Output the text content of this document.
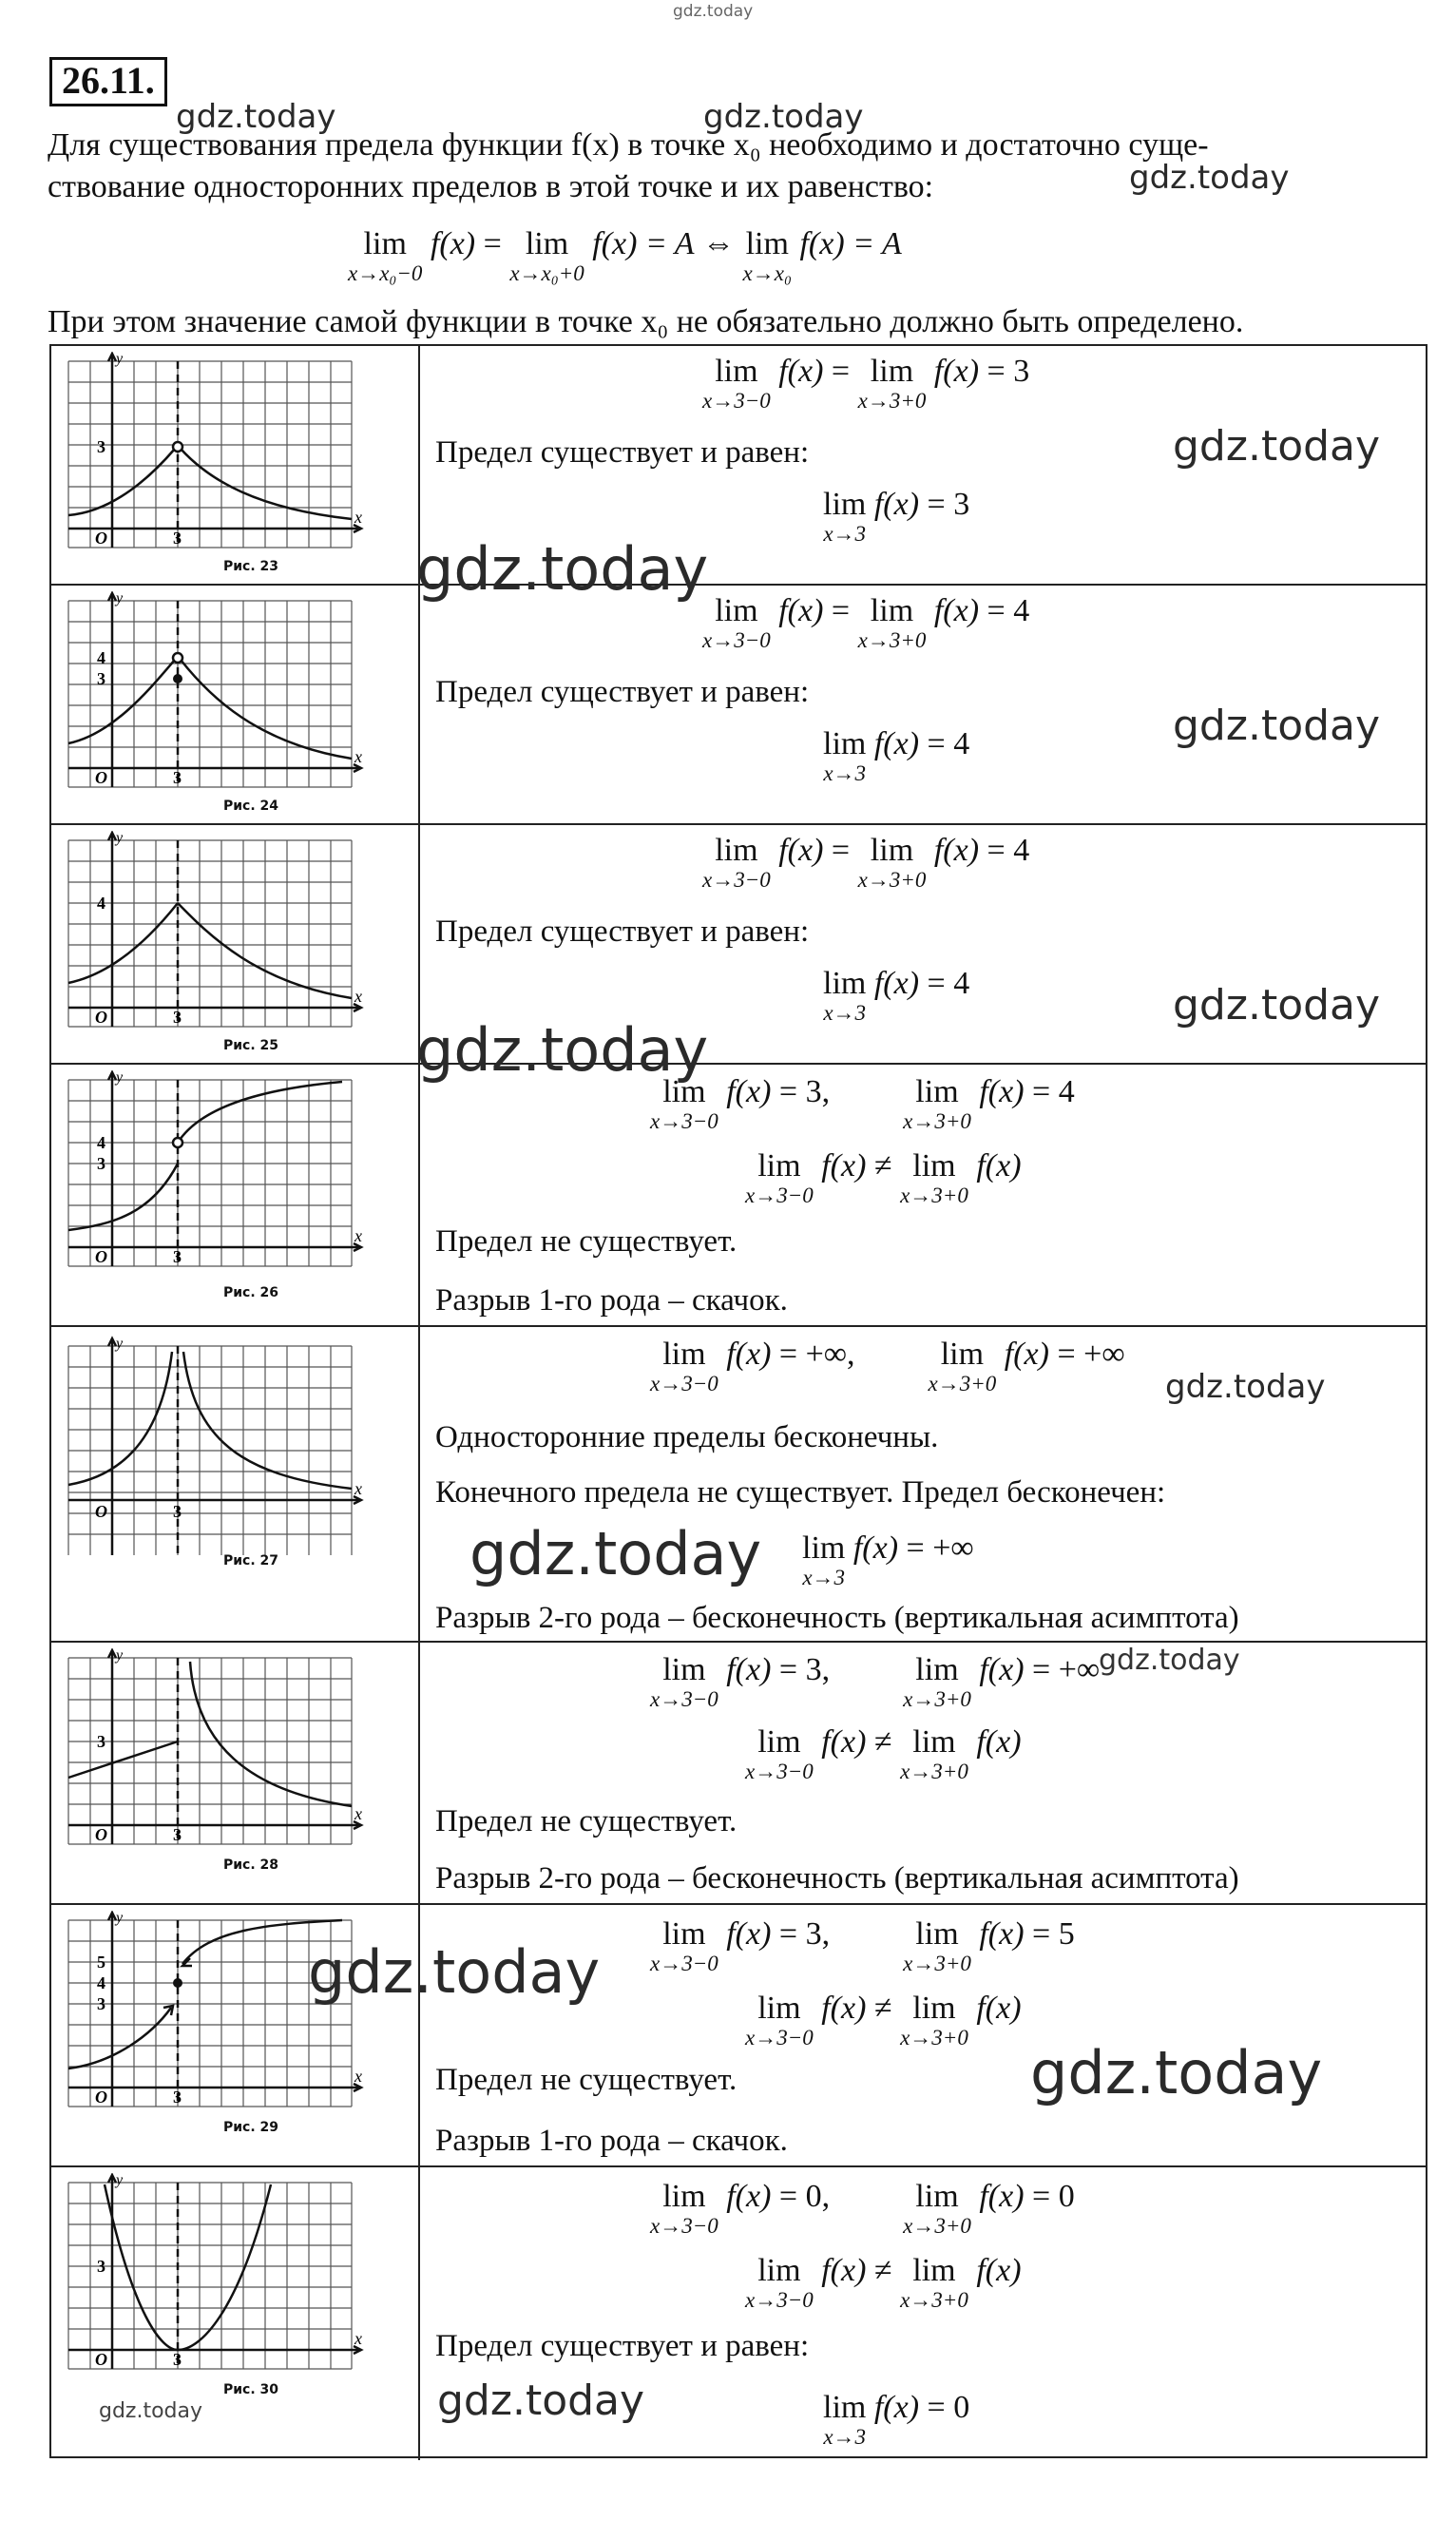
gdz.today
gdz.today	gdz.today
gdz.today
26.11.
Для существования предела функции f(x) в точке x₀ необходимо и достаточно суще-
ствование односторонних пределов в этой точке и их равенство:
lim
x→x₀−0
f(x) = lim
x→x₀+0
f(x) = A ⇔ lim
x→x₀
f(x) = A
При этом значение самой функции в точке x₀ не обязательно должно быть определено.
y
x
O	3
3
Рис. 23
lim
x→3−0
f(x) = lim
x→3+0
f(x) = 3
Предел существует и равен:
lim
x→3
f(x) = 3
gdz.today
y
x
O	3
4
3
Рис. 24
lim
x→3−0
f(x) = lim
x→3+0
f(x) = 4
Предел существует и равен:
lim
x→3
f(x) = 4	gdz.today
y
x
O	3
4
Рис. 25
lim
x→3−0
f(x) = lim
x→3+0
f(x) = 4
Предел существует и равен:
lim
x→3
f(x) = 4	gdz.today
y
x
O	3
4
3
Рис. 26
lim
x→3−0
f(x) = 3,	lim
x→3+0
f(x) = 4
lim
x→3−0
f(x) ≠ lim
x→3+0
f(x)
Предел не существует.
Разрыв 1-го рода – скачок.
y
x
O	3
Рис. 27
lim
x→3−0
f(x) = +∞,	lim
x→3+0
f(x) = +∞
gdz.today
Односторонние пределы бесконечны.
Конечного предела не существует. Предел бесконечен:
gdz.today lim
x→3
f(x) = +∞
Разрыв 2-го рода – бесконечность (вертикальная асимптота)
y
x
O	3
3
Рис. 28
lim
x→3−0
f(x) = 3,	lim
x→3+0
f(x) = +∞
gdz.today
lim
x→3−0
f(x) ≠ lim
x→3+0
f(x)
Предел не существует.
Разрыв 2-го рода – бесконечность (вертикальная асимптота)
y
x
O	3
5
4
3
Рис. 29
gdz.today
lim
x→3−0
f(x) = 3,	lim
x→3+0
f(x) = 5
lim
x→3−0
f(x) ≠ lim
x→3+0
f(x)
Предел не существует.	gdz.today
Разрыв 1-го рода – скачок.
y
x
O	3
3
Рис. 30
gdz.today
lim
x→3−0
f(x) = 0,	lim
x→3+0
f(x) = 0
lim
x→3−0
f(x) ≠ lim
x→3+0
f(x)
Предел существует и равен:
gdz.today	lim
x→3
f(x) = 0
gdz.today
gdz.today
